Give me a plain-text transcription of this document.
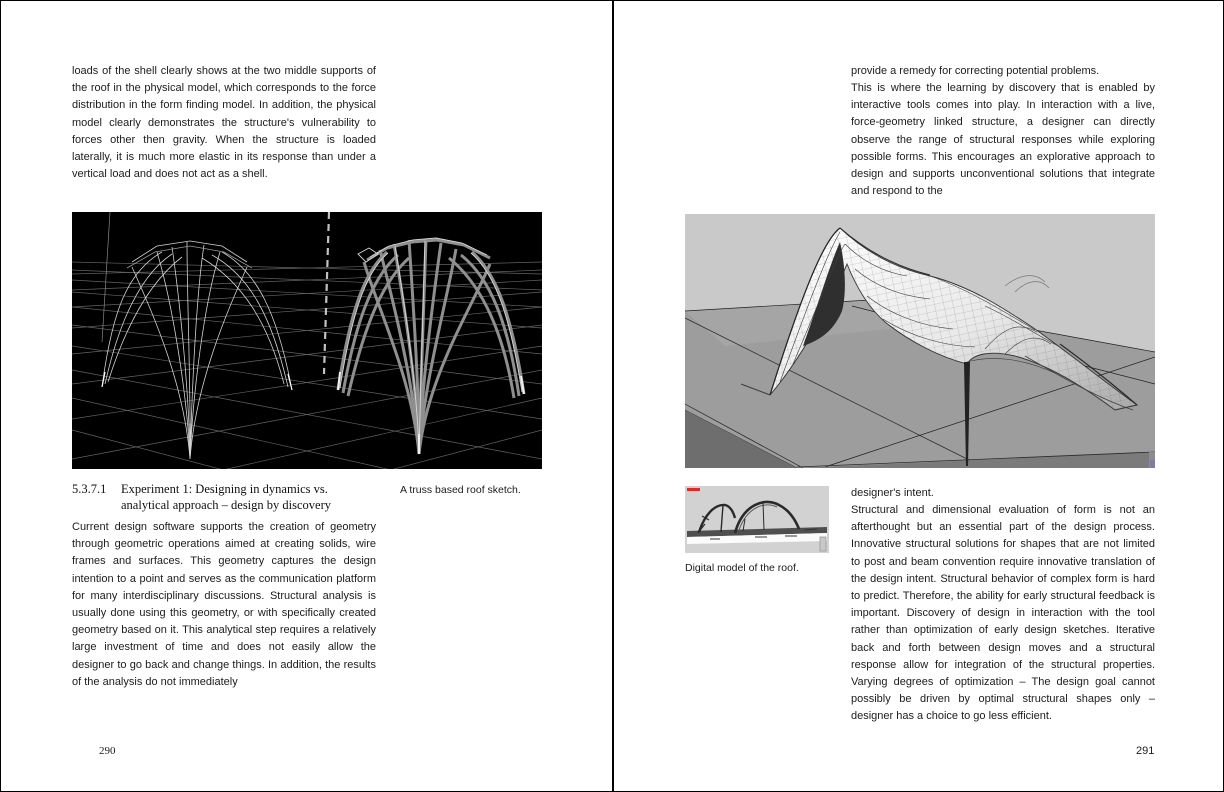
loads of the shell clearly shows at the two middle supports of the roof in the physical model, which corresponds to the force distribution in the form finding model. In addition, the physical model clearly demonstrates the structure's vulnerability to forces other then gravity. When the structure is loaded laterally, it is much more elastic in its response than under a vertical load and does not act as a shell.

5.3.7.1 Experiment 1: Designing in dynamics vs. analytical approach – design by discovery
A truss based roof sketch.

Current design software supports the creation of geometry through geometric operations aimed at creating solids, wire frames and surfaces. This geometry captures the design intention to a point and serves as the communication platform for many interdisciplinary discussions. Structural analysis is usually done using this geometry, or with specifically created geometry based on it. This analytical step requires a relatively large investment of time and does not easily allow the designer to go back and change things. In addition, the results of the analysis do not immediately

290

provide a remedy for correcting potential problems.

This is where the learning by discovery that is enabled by interactive tools comes into play. In interaction with a live, force-geometry linked structure, a designer can directly observe the range of structural responses while exploring possible forms. This encourages an explorative approach to design and supports unconventional solutions that integrate and respond to the

Digital model of the roof.

designer's intent.

Structural and dimensional evaluation of form is not an afterthought but an essential part of the design process. Innovative structural solutions for shapes that are not limited to post and beam convention require innovative translation of the design intent. Structural behavior of complex form is hard to predict. Therefore, the ability for early structural feedback is important. Discovery of design in interaction with the tool rather than optimization of early design sketches. Iterative back and forth between design moves and a structural response allow for integration of the structural properties. Varying degrees of optimization – The design goal cannot possibly be driven by optimal structural shapes only – designer has a choice to go less efficient.

291
